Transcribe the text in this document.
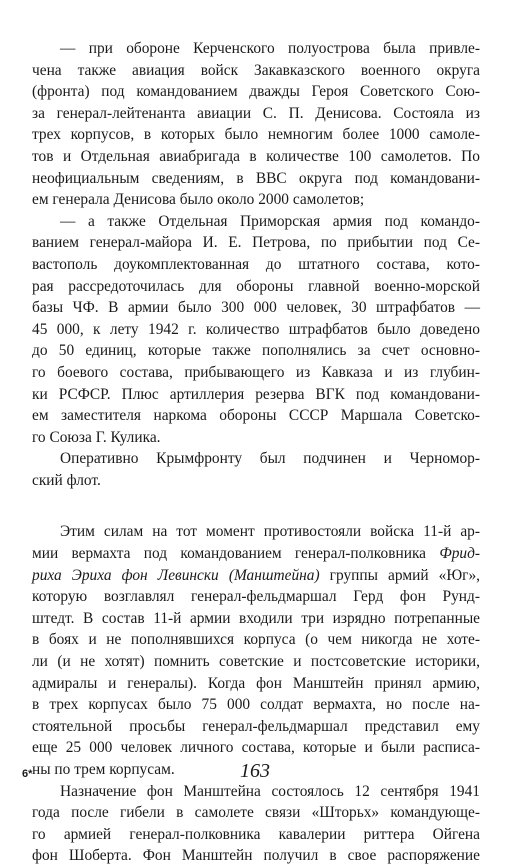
— при обороне Керченского полуострова была привле-
чена также авиация войск Закавказского военного округа
(фронта) под командованием дважды Героя Советского Сою-
за генерал-лейтенанта авиации С. П. Денисова. Состояла из
трех корпусов, в которых было немногим более 1000 самоле-
тов и Отдельная авиабригада в количестве 100 самолетов. По
неофициальным сведениям, в ВВС округа под командовани-
ем генерала Денисова было около 2000 самолетов;

— а также Отдельная Приморская армия под командо-
ванием генерал-майора И. Е. Петрова, по прибытии под Се-
вастополь доукомплектованная до штатного состава, кото-
рая рассредоточилась для обороны главной военно-морской
базы ЧФ. В армии было 300 000 человек, 30 штрафбатов —
45 000, к лету 1942 г. количество штрафбатов было доведено
до 50 единиц, которые также пополнялись за счет основно-
го боевого состава, прибывающего из Кавказа и из глубин-
ки РСФСР. Плюс артиллерия резерва ВГК под командовани-
ем заместителя наркома обороны СССР Маршала Советско-
го Союза Г. Кулика.

Оперативно Крымфронту был подчинен и Черномор-
ский флот.

Этим силам на тот момент противостояли войска 11-й ар-
мии вермахта под командованием генерал-полковника Фрид-
риха Эриха фон Левински (Манштейна) группы армий «Юг»,
которую возглавлял генерал-фельдмаршал Герд фон Рунд-
штедт. В состав 11-й армии входили три изрядно потрепанные
в боях и не пополнявшихся корпуса (о чем никогда не хоте-
ли (и не хотят) помнить советские и постсоветские историки,
адмиралы и генералы). Когда фон Манштейн принял армию,
в трех корпусах было 75 000 солдат вермахта, но после на-
стоятельной просьбы генерал-фельдмаршал представил ему
еще 25 000 человек личного состава, которые и были расписа-
ны по трем корпусам.

Назначение фон Манштейна состоялось 12 сентября 1941
года после гибели в самолете связи «Шторьх» командующе-
го армией генерал-полковника кавалерии риттера Ойгена
фон Шоберта. Фон Манштейн получил в свое распоряжение

6*	163
